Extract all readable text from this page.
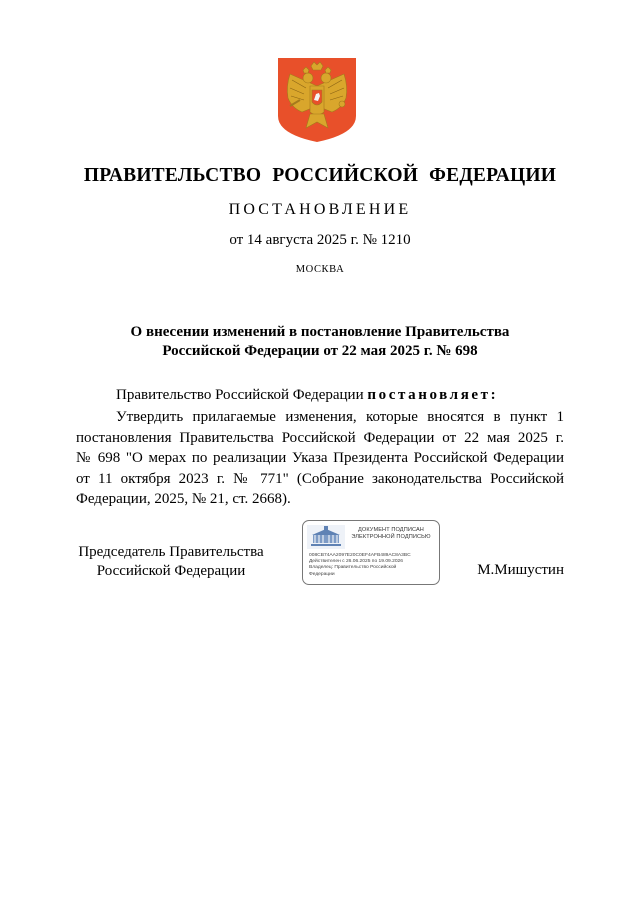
ПРАВИТЕЛЬСТВО РОССИЙСКОЙ ФЕДЕРАЦИИ
ПОСТАНОВЛЕНИЕ
от 14 августа 2025 г. № 1210
МОСКВА
О внесении изменений в постановление Правительства
Российской Федерации от 22 мая 2025 г. № 698
Правительство Российской Федерации постановляет:
Утвердить прилагаемые изменения, которые вносятся в пункт 1
постановления Правительства Российской Федерации от 22 мая 2025 г.
№ 698 "О мерах по реализации Указа Президента Российской Федерации
от 11 октября 2023 г. № 771" (Собрание законодательства Российской
Федерации, 2025, № 21, ст. 2668).
Председатель Правительства
Российской Федерации
ДОКУМЕНТ ПОДПИСАН
ЭЛЕКТРОННОЙ ПОДПИСЬЮ
008CB74AA2097E20C0EF4AFB489AC8A3BC
Действителен с 26.06.2025 по 19.09.2026
Владелец: Правительство Российской
Федерации	М.Мишустин
